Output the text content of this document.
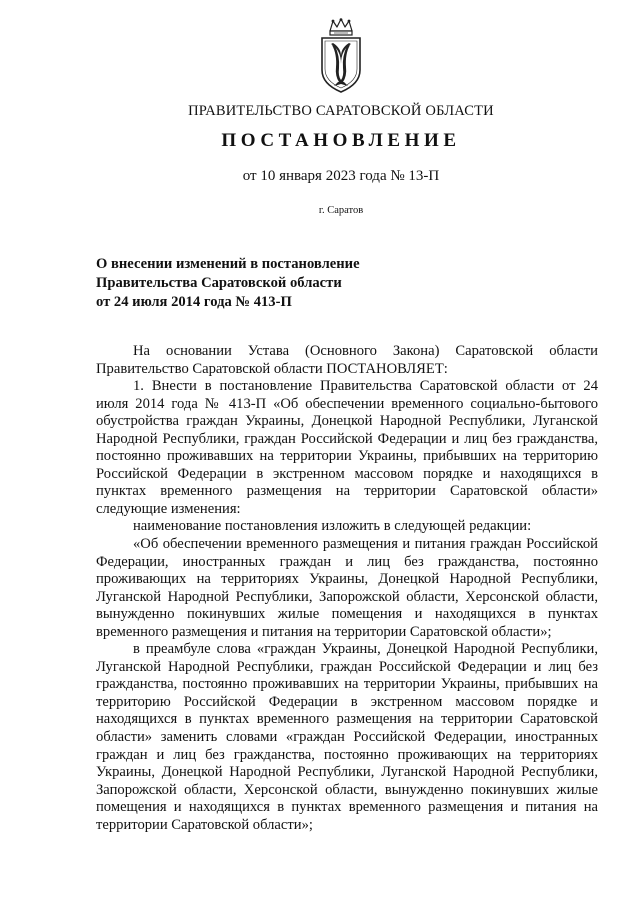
ПРАВИТЕЛЬСТВО САРАТОВСКОЙ ОБЛАСТИ
ПОСТАНОВЛЕНИЕ
от 10 января 2023 года № 13-П
г. Саратов
О внесении изменений в постановление
Правительства Саратовской области
от 24 июля 2014 года № 413-П

На основании Устава (Основного Закона) Саратовской области Правительство Саратовской области ПОСТАНОВЛЯЕТ:

1. Внести в постановление Правительства Саратовской области от 24 июля 2014 года № 413-П «Об обеспечении временного социально-бытового обустройства граждан Украины, Донецкой Народной Республики, Луганской Народной Республики, граждан Российской Федерации и лиц без гражданства, постоянно проживавших на территории Украины, прибывших на территорию Российской Федерации в экстренном массовом порядке и находящихся в пунктах временного размещения на территории Саратовской области» следующие изменения:

наименование постановления изложить в следующей редакции:

«Об обеспечении временного размещения и питания граждан Российской Федерации, иностранных граждан и лиц без гражданства, постоянно проживающих на территориях Украины, Донецкой Народной Республики, Луганской Народной Республики, Запорожской области, Херсонской области, вынужденно покинувших жилые помещения и находящихся в пунктах временного размещения и питания на территории Саратовской области»;

в преамбуле слова «граждан Украины, Донецкой Народной Республики, Луганской Народной Республики, граждан Российской Федерации и лиц без гражданства, постоянно проживавших на территории Украины, прибывших на территорию Российской Федерации в экстренном массовом порядке и находящихся в пунктах временного размещения на территории Саратовской области» заменить словами «граждан Российской Федерации, иностранных граждан и лиц без гражданства, постоянно проживающих на территориях Украины, Донецкой Народной Республики, Луганской Народной Республики, Запорожской области, Херсонской области, вынужденно покинувших жилые помещения и находящихся в пунктах временного размещения и питания на территории Саратовской области»;
